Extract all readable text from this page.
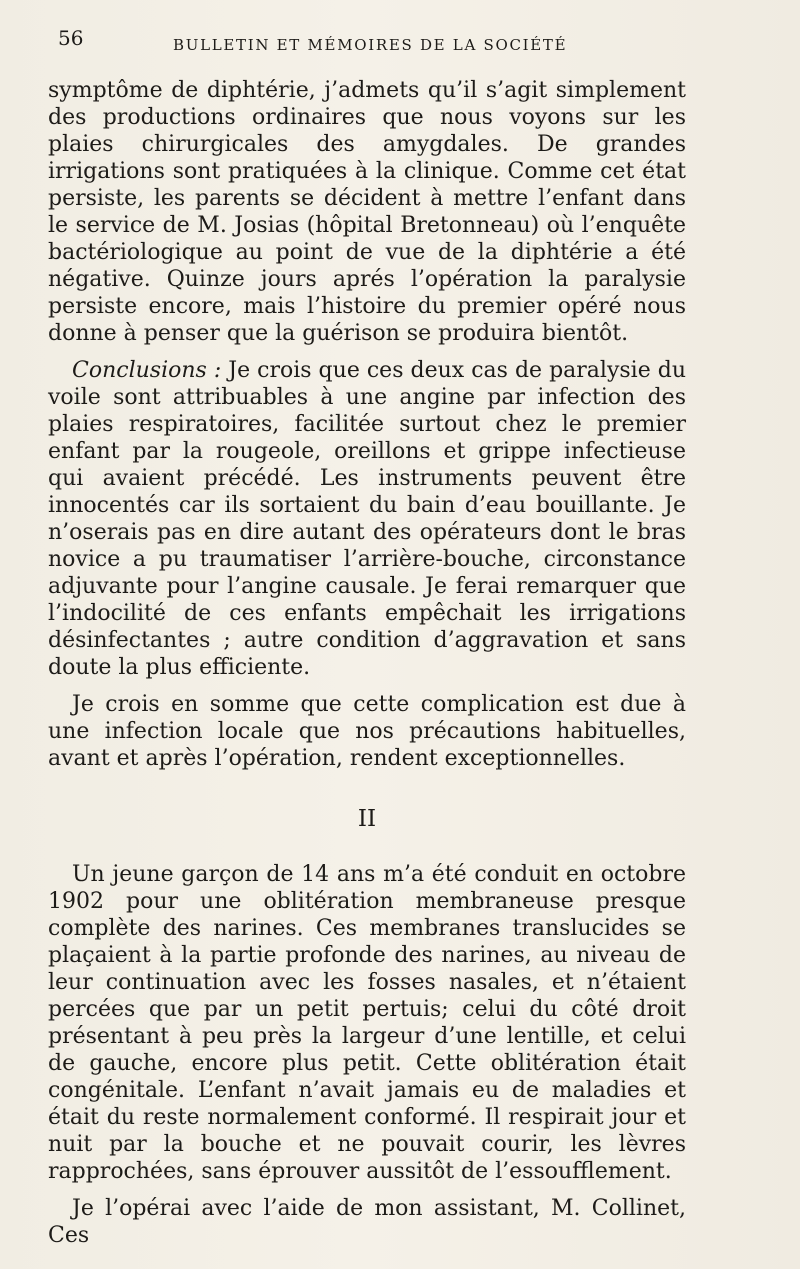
56	BULLETIN ET MÉMOIRES DE LA SOCIÉTÉ

symptôme de diphtérie, j’admets qu’il s’agit simplement des productions ordinaires que nous voyons sur les plaies chirurgicales des amygdales. De grandes irrigations sont pratiquées à la clinique. Comme cet état persiste, les parents se décident à mettre l’enfant dans le service de M. Josias (hôpital Bretonneau) où l’enquête bactériologique au point de vue de la diphtérie a été négative. Quinze jours aprés l’opération la paralysie persiste encore, mais l’histoire du premier opéré nous donne à penser que la guérison se produira bientôt.

Conclusions : Je crois que ces deux cas de paralysie du voile sont attribuables à une angine par infection des plaies respiratoires, facilitée surtout chez le premier enfant par la rougeole, oreillons et grippe infectieuse qui avaient précédé. Les instruments peuvent être innocentés car ils sortaient du bain d’eau bouillante. Je n’oserais pas en dire autant des opérateurs dont le bras novice a pu traumatiser l’arrière-bouche, circonstance adjuvante pour l’angine causale. Je ferai remarquer que l’indocilité de ces enfants empêchait les irrigations désinfectantes ; autre condition d’aggravation et sans doute la plus efficiente.

Je crois en somme que cette complication est due à une infection locale que nos précautions habituelles, avant et après l’opération, rendent exceptionnelles.

II

Un jeune garçon de 14 ans m’a été conduit en octobre 1902 pour une oblitération membraneuse presque complète des narines. Ces membranes translucides se plaçaient à la partie profonde des narines, au niveau de leur continuation avec les fosses nasales, et n’étaient percées que par un petit pertuis; celui du côté droit présentant à peu près la largeur d’une lentille, et celui de gauche, encore plus petit. Cette oblitération était congénitale. L’enfant n’avait jamais eu de maladies et était du reste normalement conformé. Il respirait jour et nuit par la bouche et ne pouvait courir, les lèvres rapprochées, sans éprouver aussitôt de l’essoufflement.

Je l’opérai avec l’aide de mon assistant, M. Collinet, Ces
